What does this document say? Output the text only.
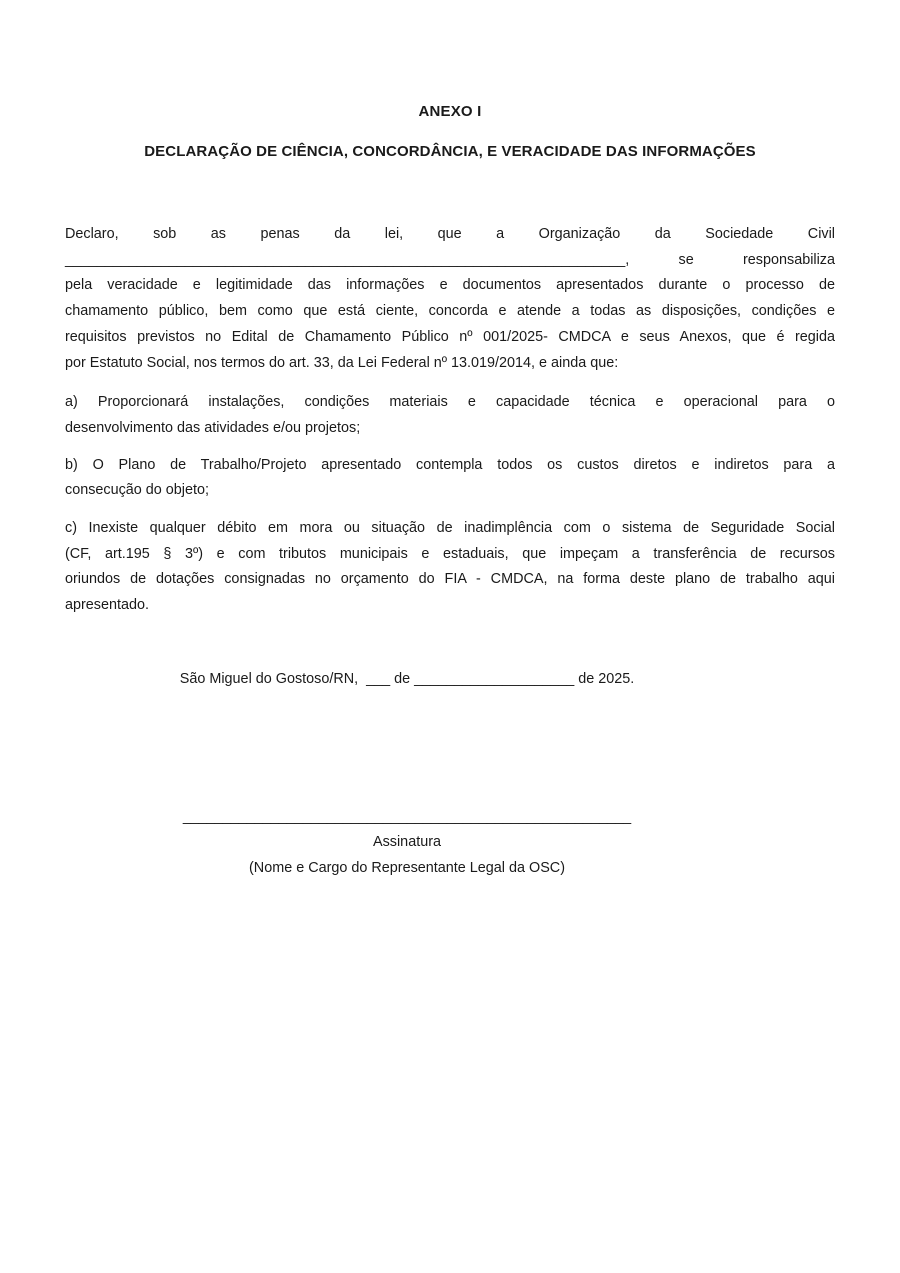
ANEXO I
DECLARAÇÃO DE CIÊNCIA, CONCORDÂNCIA, E VERACIDADE DAS INFORMAÇÕES
Declaro, sob as penas da lei, que a Organização da Sociedade Civil
______________________________________________________________________, se responsabiliza
pela veracidade e legitimidade das informações e documentos apresentados durante o processo de
chamamento público, bem como que está ciente, concorda e atende a todas as disposições, condições e
requisitos previstos no Edital de Chamamento Público nº 001/2025- CMDCA e seus Anexos, que é regida
por Estatuto Social, nos termos do art. 33, da Lei Federal nº 13.019/2014, e ainda que:
a) Proporcionará instalações, condições materiais e capacidade técnica e operacional para o
desenvolvimento das atividades e/ou projetos;
b) O Plano de Trabalho/Projeto apresentado contempla todos os custos diretos e indiretos para a
consecução do objeto;
c) Inexiste qualquer débito em mora ou situação de inadimplência com o sistema de Seguridade Social
(CF, art.195 § 3º) e com tributos municipais e estaduais, que impeçam a transferência de recursos
oriundos de dotações consignadas no orçamento do FIA - CMDCA, na forma deste plano de trabalho aqui
apresentado.
São Miguel do Gostoso/RN,  ___ de ____________________ de 2025.
________________________________________________________
Assinatura
(Nome e Cargo do Representante Legal da OSC)
